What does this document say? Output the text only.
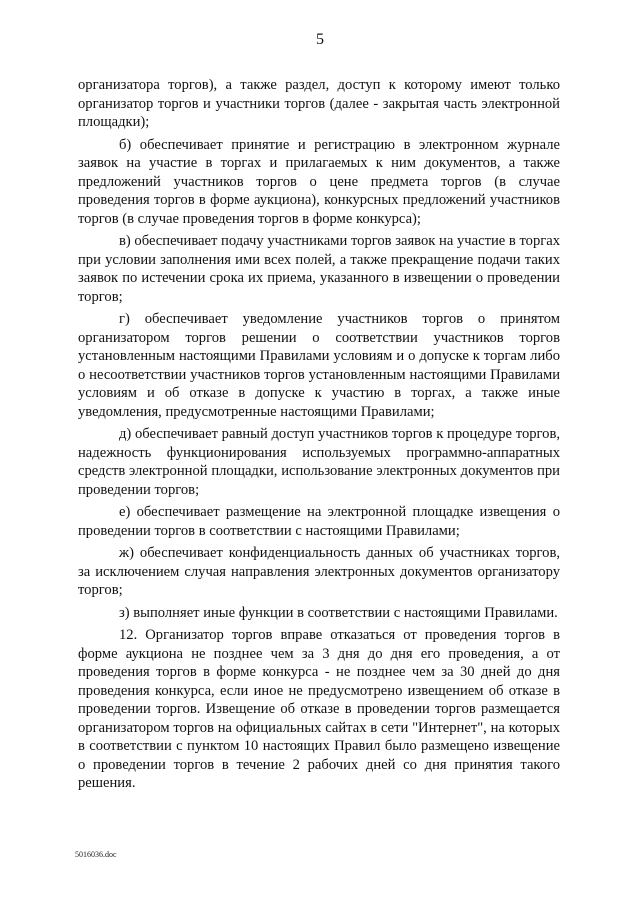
5

организатора торгов), а также раздел, доступ к которому имеют только организатор торгов и участники торгов (далее - закрытая часть электронной площадки);

б) обеспечивает принятие и регистрацию в электронном журнале заявок на участие в торгах и прилагаемых к ним документов, а также предложений участников торгов о цене предмета торгов (в случае проведения торгов в форме аукциона), конкурсных предложений участников торгов (в случае проведения торгов в форме конкурса);

в) обеспечивает подачу участниками торгов заявок на участие в торгах при условии заполнения ими всех полей, а также прекращение подачи таких заявок по истечении срока их приема, указанного в извещении о проведении торгов;

г) обеспечивает уведомление участников торгов о принятом организатором торгов решении о соответствии участников торгов установленным настоящими Правилами условиям и о допуске к торгам либо о несоответствии участников торгов установленным настоящими Правилами условиям и об отказе в допуске к участию в торгах, а также иные уведомления, предусмотренные настоящими Правилами;

д) обеспечивает равный доступ участников торгов к процедуре торгов, надежность функционирования используемых программно-аппаратных средств электронной площадки, использование электронных документов при проведении торгов;

е) обеспечивает размещение на электронной площадке извещения о проведении торгов в соответствии с настоящими Правилами;

ж) обеспечивает конфиденциальность данных об участниках торгов, за исключением случая направления электронных документов организатору торгов;

з) выполняет иные функции в соответствии с настоящими Правилами.

12. Организатор торгов вправе отказаться от проведения торгов в форме аукциона не позднее чем за 3 дня до дня его проведения, а от проведения торгов в форме конкурса - не позднее чем за 30 дней до дня проведения конкурса, если иное не предусмотрено извещением об отказе в проведении торгов. Извещение об отказе в проведении торгов размещается организатором торгов на официальных сайтах в сети "Интернет", на которых в соответствии с пунктом 10 настоящих Правил было размещено извещение о проведении торгов в течение 2 рабочих дней со дня принятия такого решения.

5016036.doc
